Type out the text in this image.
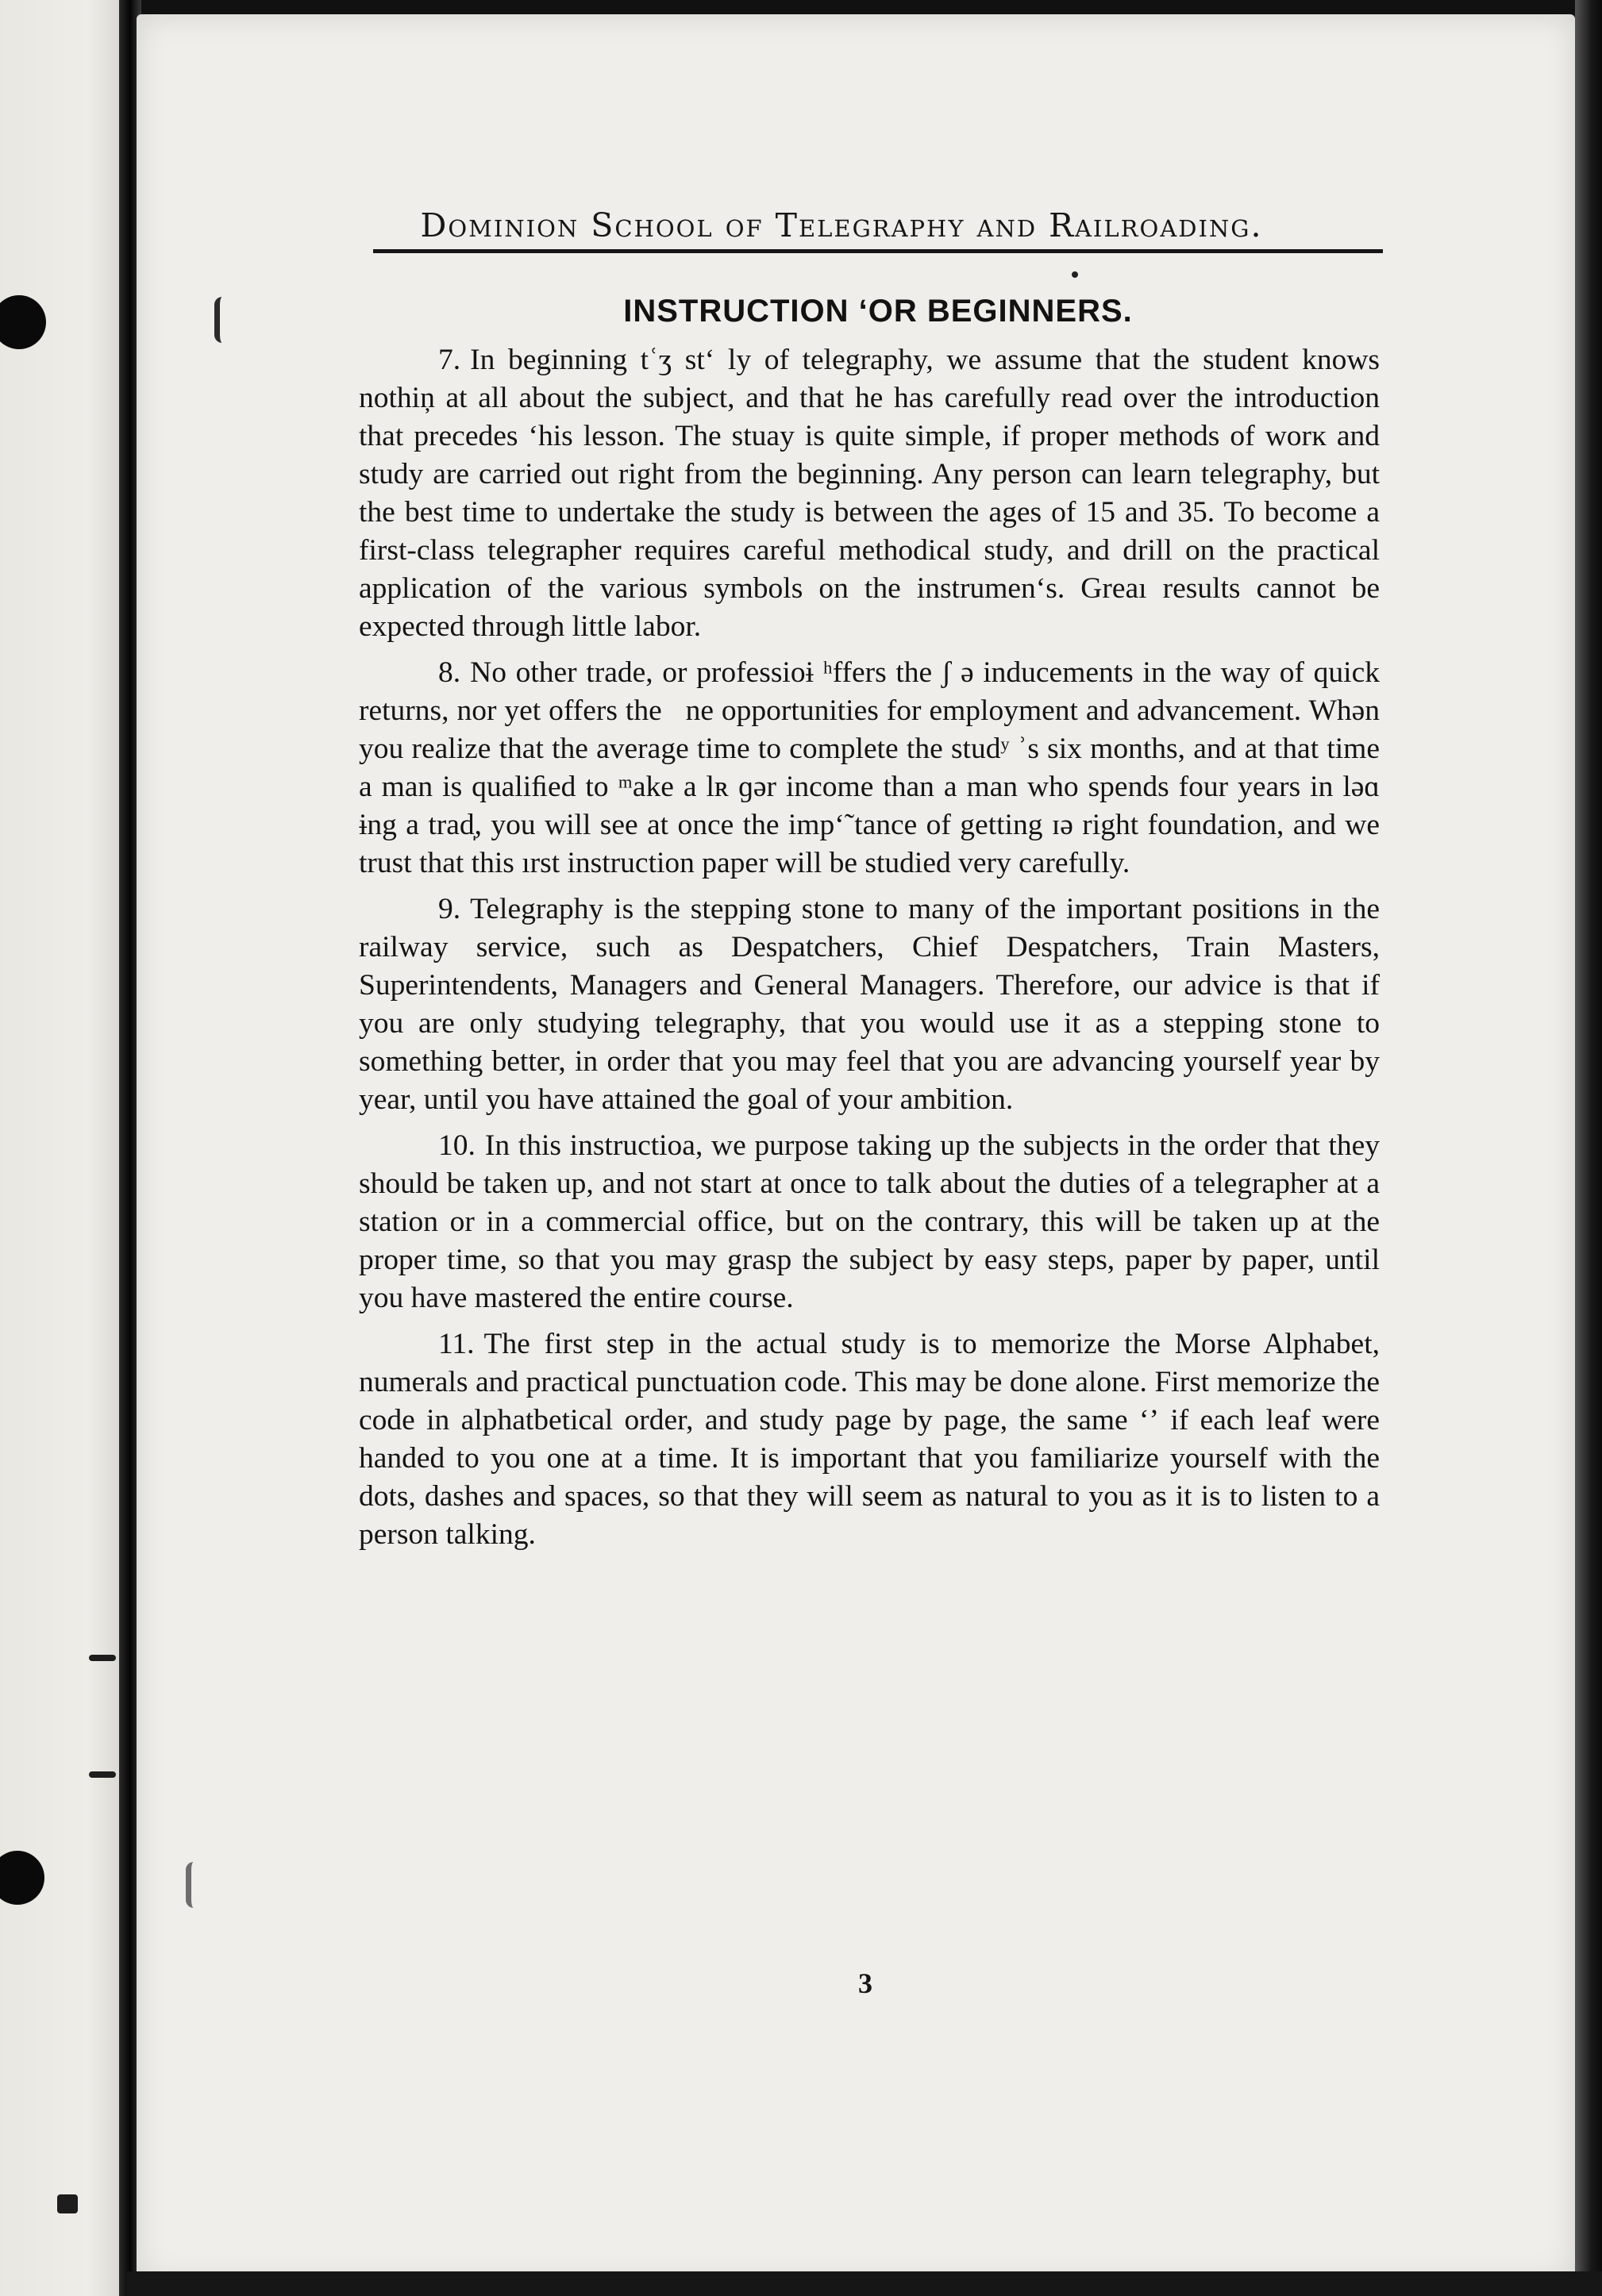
Dominion School of Telegraphy and Railroading.
INSTRUCTION ʻOR BEGINNERS.

7. In beginning tʿʒ stʻ ly of telegraphy, we assume that the student knows nothiņ at all about the subject, and that he has carefully read over the introduction that precedes ʻhis lesson. The stuay is quite simple, if proper methods of worĸ and study are carried out right from the beginning. Any person can learn telegraphy, but the best time to undertake the study is between the ages of 15 and 35. To become a first-class telegrapher requires careful methodical study, and drill on the practical application of the various symbols on the instrumenʻs. Greaı results cannot be expected through little labor.

8. No other trade, or professioɨ ʰffers the ʃ ə inducements in the way of quick returns, nor yet offers the   ne opportunities for employment and advancement. Whən you realize that the average time to complete the studʸ ʾs six months, and at that time a man is qualiﬁed to ᵐake a lʀ ɡər income than a man who spends four years in ləɑ ɨng a trad̩, you will see at once the impʻ˜tance of getting ɪə right foundation, and we trust that this ırst instruction paper will be studied very carefully.

9. Telegraphy is the stepping stone to many of the important positions in the railway service, such as Despatchers, Chief Despatchers, Train Masters, Superintendents, Managers and General Managers. Therefore, our advice is that if you are only studying telegraphy, that you would use it as a stepping stone to something better, in order that you may feel that you are advancing yourself year by year, until you have attained the goal of your ambition.

10. In this instructioa, we purpose taking up the subjects in the order that they should be taken up, and not start at once to talk about the duties of a telegrapher at a station or in a commercial office, but on the contrary, this will be taken up at the proper time, so that you may grasp the subject by easy steps, paper by paper, until you have mastered the entire course.

11. The first step in the actual study is to memorize the Morse Alphabet, numerals and practical punctuation code. This may be done alone. First memorize the code in alphatbetical order, and study page by page, the same ʻʼ if each leaf were handed to you one at a time. It is important that you familiarize yourself with the dots, dashes and spaces, so that they will seem as natural to you as it is to listen to a person talking.

3
